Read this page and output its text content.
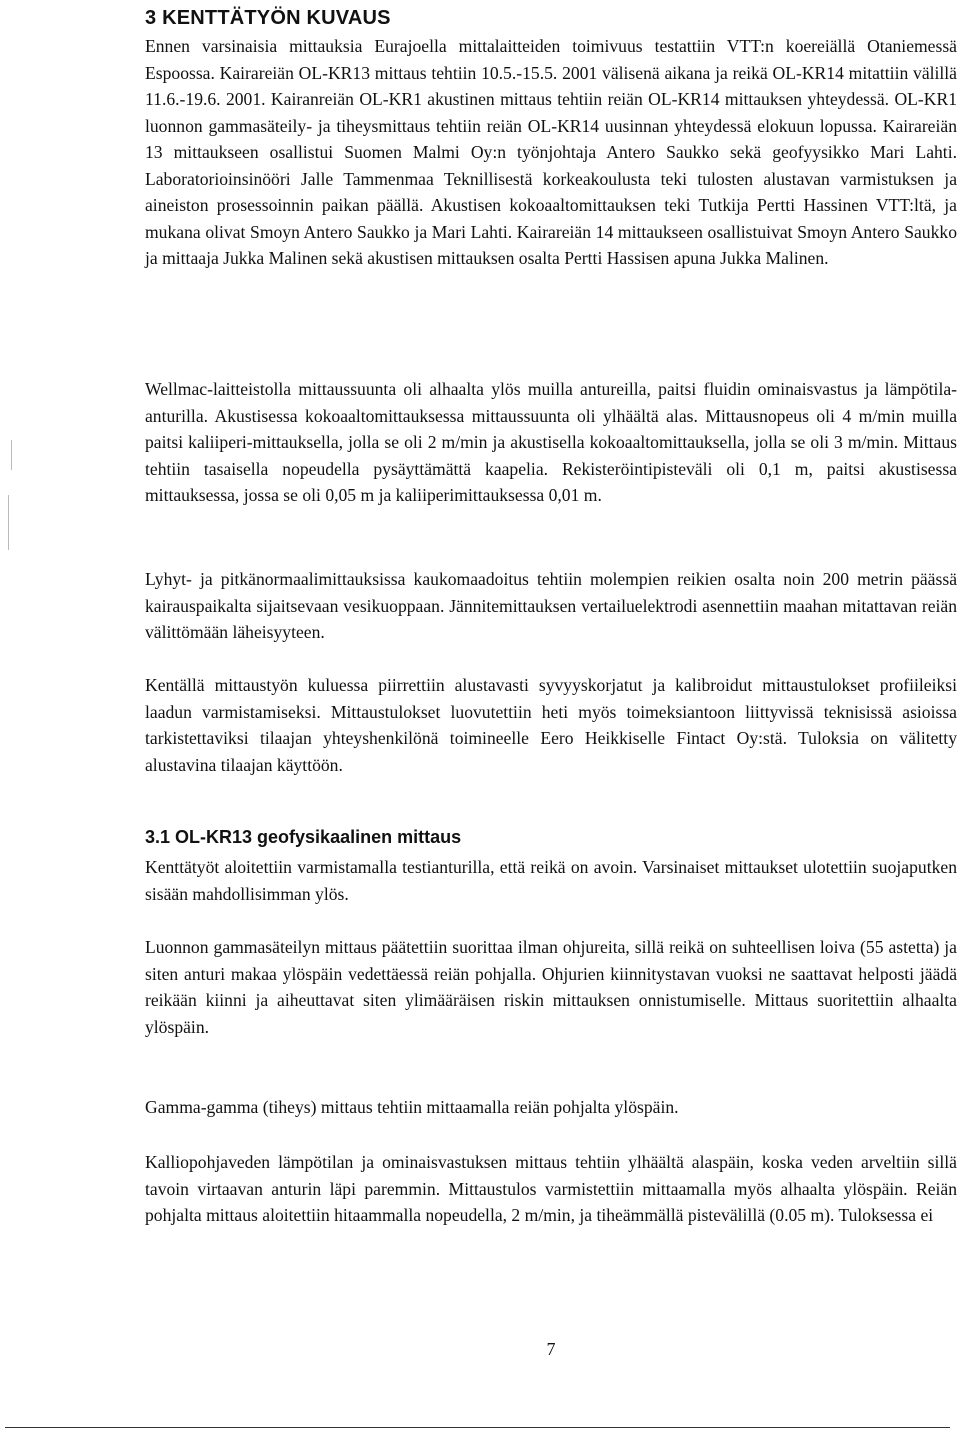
3 KENTTÄTYÖN KUVAUS

Ennen varsinaisia mittauksia Eurajoella mittalaitteiden toimivuus testattiin VTT:n koereiällä Otaniemessä Espoossa. Kairareiän OL-KR13 mittaus tehtiin 10.5.-15.5. 2001 välisenä aikana ja reikä OL-KR14 mitattiin välillä 11.6.-19.6. 2001. Kairanreiän OL-KR1 akustinen mittaus tehtiin reiän OL-KR14 mittauksen yhteydessä. OL-KR1 luonnon gammasäteily- ja tiheysmittaus tehtiin reiän OL-KR14 uusinnan yhteydessä elokuun lopussa. Kairareiän 13 mittaukseen osallistui Suomen Malmi Oy:n työnjohtaja Antero Saukko sekä geofyysikko Mari Lahti. Laboratorioinsinööri Jalle Tammenmaa Teknillisestä korkeakoulusta teki tulosten alustavan varmistuksen ja aineiston prosessoinnin paikan päällä. Akustisen kokoaaltomittauksen teki Tutkija Pertti Hassinen VTT:ltä, ja mukana olivat Smoyn Antero Saukko ja Mari Lahti. Kairareiän 14 mittaukseen osallistuivat Smoyn Antero Saukko ja mittaaja Jukka Malinen sekä akustisen mittauksen osalta Pertti Hassisen apuna Jukka Malinen.

Wellmac-laitteistolla mittaussuunta oli alhaalta ylös muilla antureilla, paitsi fluidin ominaisvastus ja lämpötila-anturilla. Akustisessa kokoaaltomittauksessa mittaussuunta oli ylhäältä alas. Mittausnopeus oli 4 m/min muilla paitsi kaliiperi-mittauksella, jolla se oli 2 m/min ja akustisella kokoaaltomittauksella, jolla se oli 3 m/min. Mittaus tehtiin tasaisella nopeudella pysäyttämättä kaapelia. Rekisteröintipisteväli oli 0,1 m, paitsi akustisessa mittauksessa, jossa se oli 0,05 m ja kaliiperimittauksessa 0,01 m.

Lyhyt- ja pitkänormaalimittauksissa kaukomaadoitus tehtiin molempien reikien osalta noin 200 metrin päässä kairauspaikalta sijaitsevaan vesikuoppaan. Jännitemittauksen vertailuelektrodi asennettiin maahan mitattavan reiän välittömään läheisyyteen.

Kentällä mittaustyön kuluessa piirrettiin alustavasti syvyyskorjatut ja kalibroidut mittaustulokset profiileiksi laadun varmistamiseksi. Mittaustulokset luovutettiin heti myös toimeksiantoon liittyvissä teknisissä asioissa tarkistettaviksi tilaajan yhteyshenkilönä toimineelle Eero Heikkiselle Fintact Oy:stä. Tuloksia on välitetty alustavina tilaajan käyttöön.

3.1 OL-KR13 geofysikaalinen mittaus

Kenttätyöt aloitettiin varmistamalla testianturilla, että reikä on avoin. Varsinaiset mittaukset ulotettiin suojaputken sisään mahdollisimman ylös.

Luonnon gammasäteilyn mittaus päätettiin suorittaa ilman ohjureita, sillä reikä on suhteellisen loiva (55 astetta) ja siten anturi makaa ylöspäin vedettäessä reiän pohjalla. Ohjurien kiinnitystavan vuoksi ne saattavat helposti jäädä reikään kiinni ja aiheuttavat siten ylimääräisen riskin mittauksen onnistumiselle. Mittaus suoritettiin alhaalta ylöspäin.

Gamma-gamma (tiheys) mittaus tehtiin mittaamalla reiän pohjalta ylöspäin.

Kalliopohjaveden lämpötilan ja ominaisvastuksen mittaus tehtiin ylhäältä alaspäin, koska veden arveltiin sillä tavoin virtaavan anturin läpi paremmin. Mittaustulos varmistettiin mittaamalla myös alhaalta ylöspäin. Reiän pohjalta mittaus aloitettiin hitaammalla nopeudella, 2 m/min, ja tiheämmällä pistevälillä (0.05 m). Tuloksessa ei

7
